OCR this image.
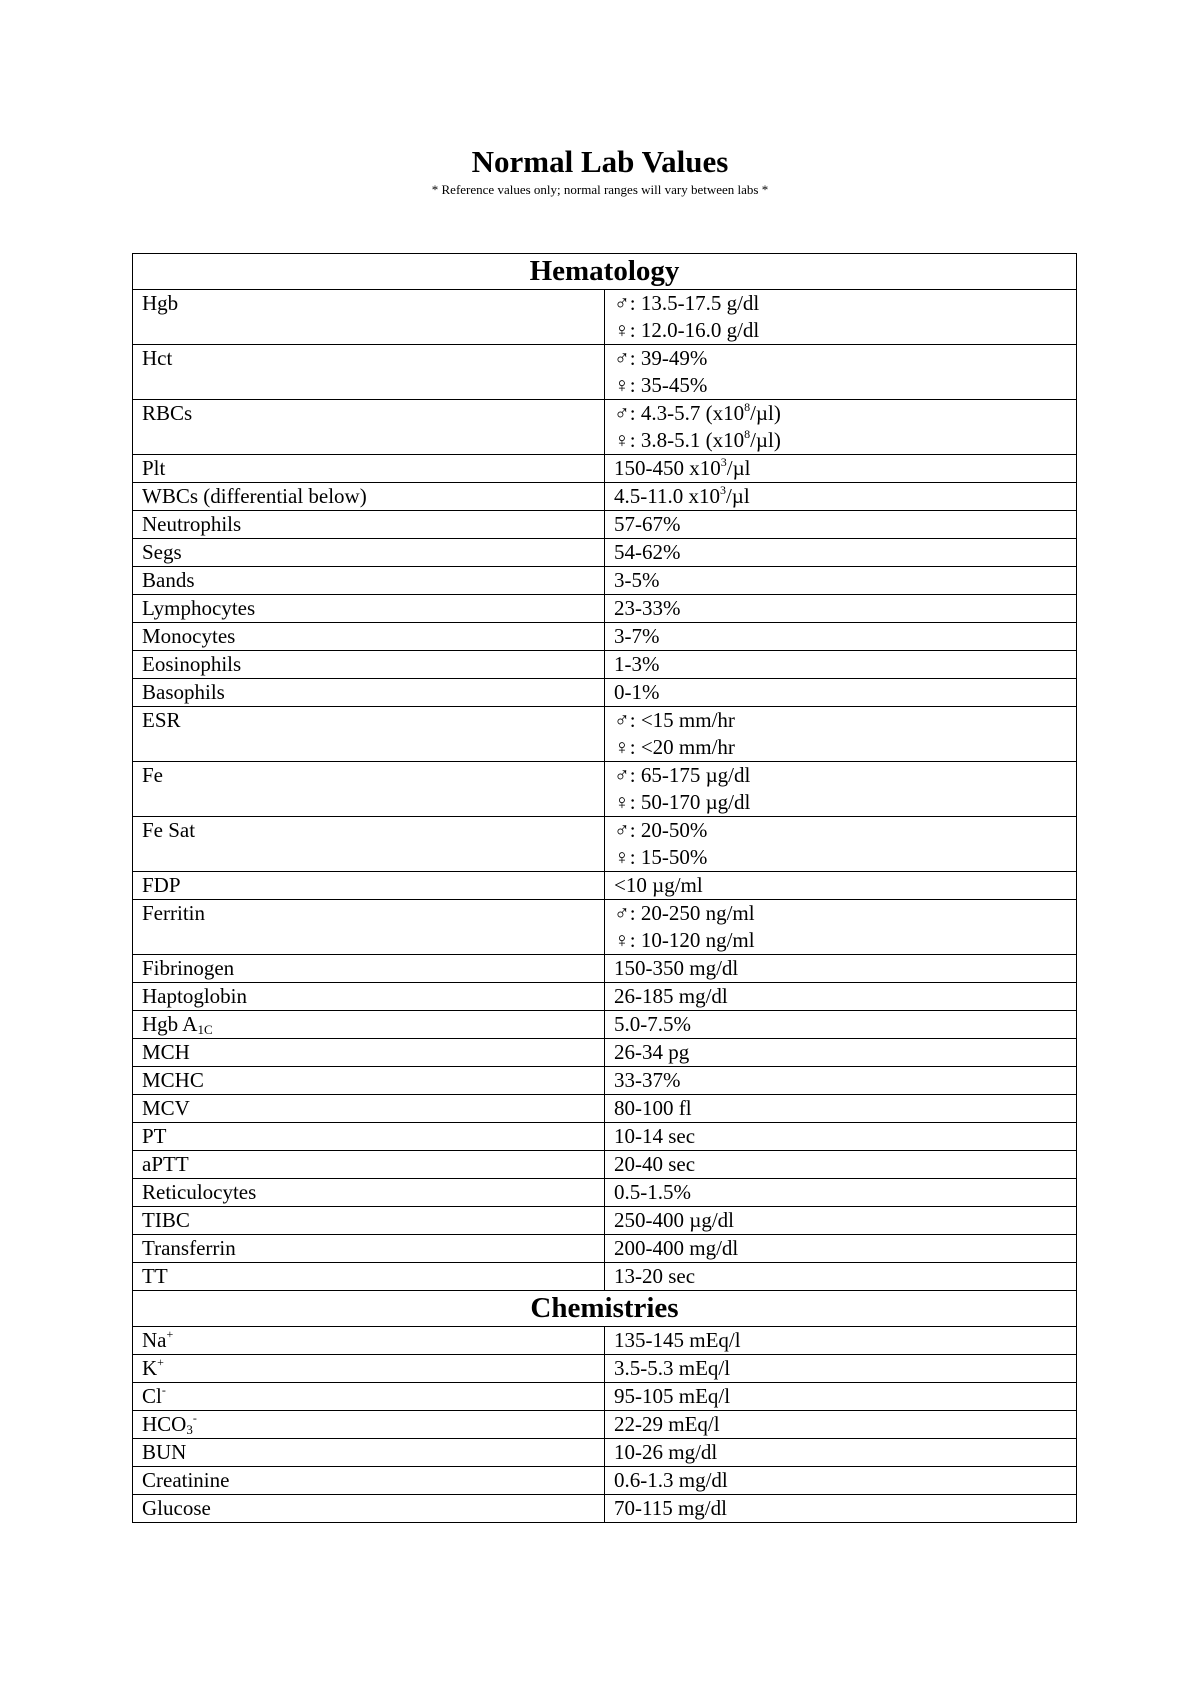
Normal Lab Values
* Reference values only; normal ranges will vary between labs *
Hematology	

Hgb	♂: 13.5-17.5 g/dl
♀: 12.0-16.0 g/dl

Hct	♂: 39-49%
♀: 35-45%

RBCs	♂: 4.3-5.7 $(x10^8/\mu l)$
♀: 3.8-5.1 $(x10^8/\mu l)$

Plt	150-450 $x10^3/\mu l$

WBCs (differential below)	4.5-11.0 $x10^3/\mu l$

Neutrophils	57-67%

Segs	54-62%

Bands	3-5%

Lymphocytes	23-33%

Monocytes	3-7%

Eosinophils	1-3%

Basophils	0-1%

ESR	♂: <15 mm/hr
♀: <20 mm/hr

Fe	♂: 65-175 µg/dl
♀: 50-170 µg/dl

Fe Sat	♂: 20-50%
♀: 15-50%

FDP	<10 µg/ml

Ferritin	♂: 20-250 ng/ml
♀: 10-120 ng/ml

Fibrinogen	150-350 mg/dl

Haptoglobin	26-185 mg/dl

Hgb $A_{1C}$	5.0-7.5%

MCH	26-34 pg

MCHC	33-37%

MCV	80-100 fl

PT	10-14 sec

aPTT	20-40 sec

Reticulocytes	0.5-1.5%

TIBC	250-400 µg/dl

Transferrin	200-400 mg/dl

TT	13-20 sec

Chemistries	

Na+	135-145 mEq/l

K+	3.5-5.3 mEq/l

Cl-	95-105 mEq/l

$HCO_3^-$	22-29 mEq/l

BUN	10-26 mg/dl

Creatinine	0.6-1.3 mg/dl

Glucose	70-115 mg/dl
